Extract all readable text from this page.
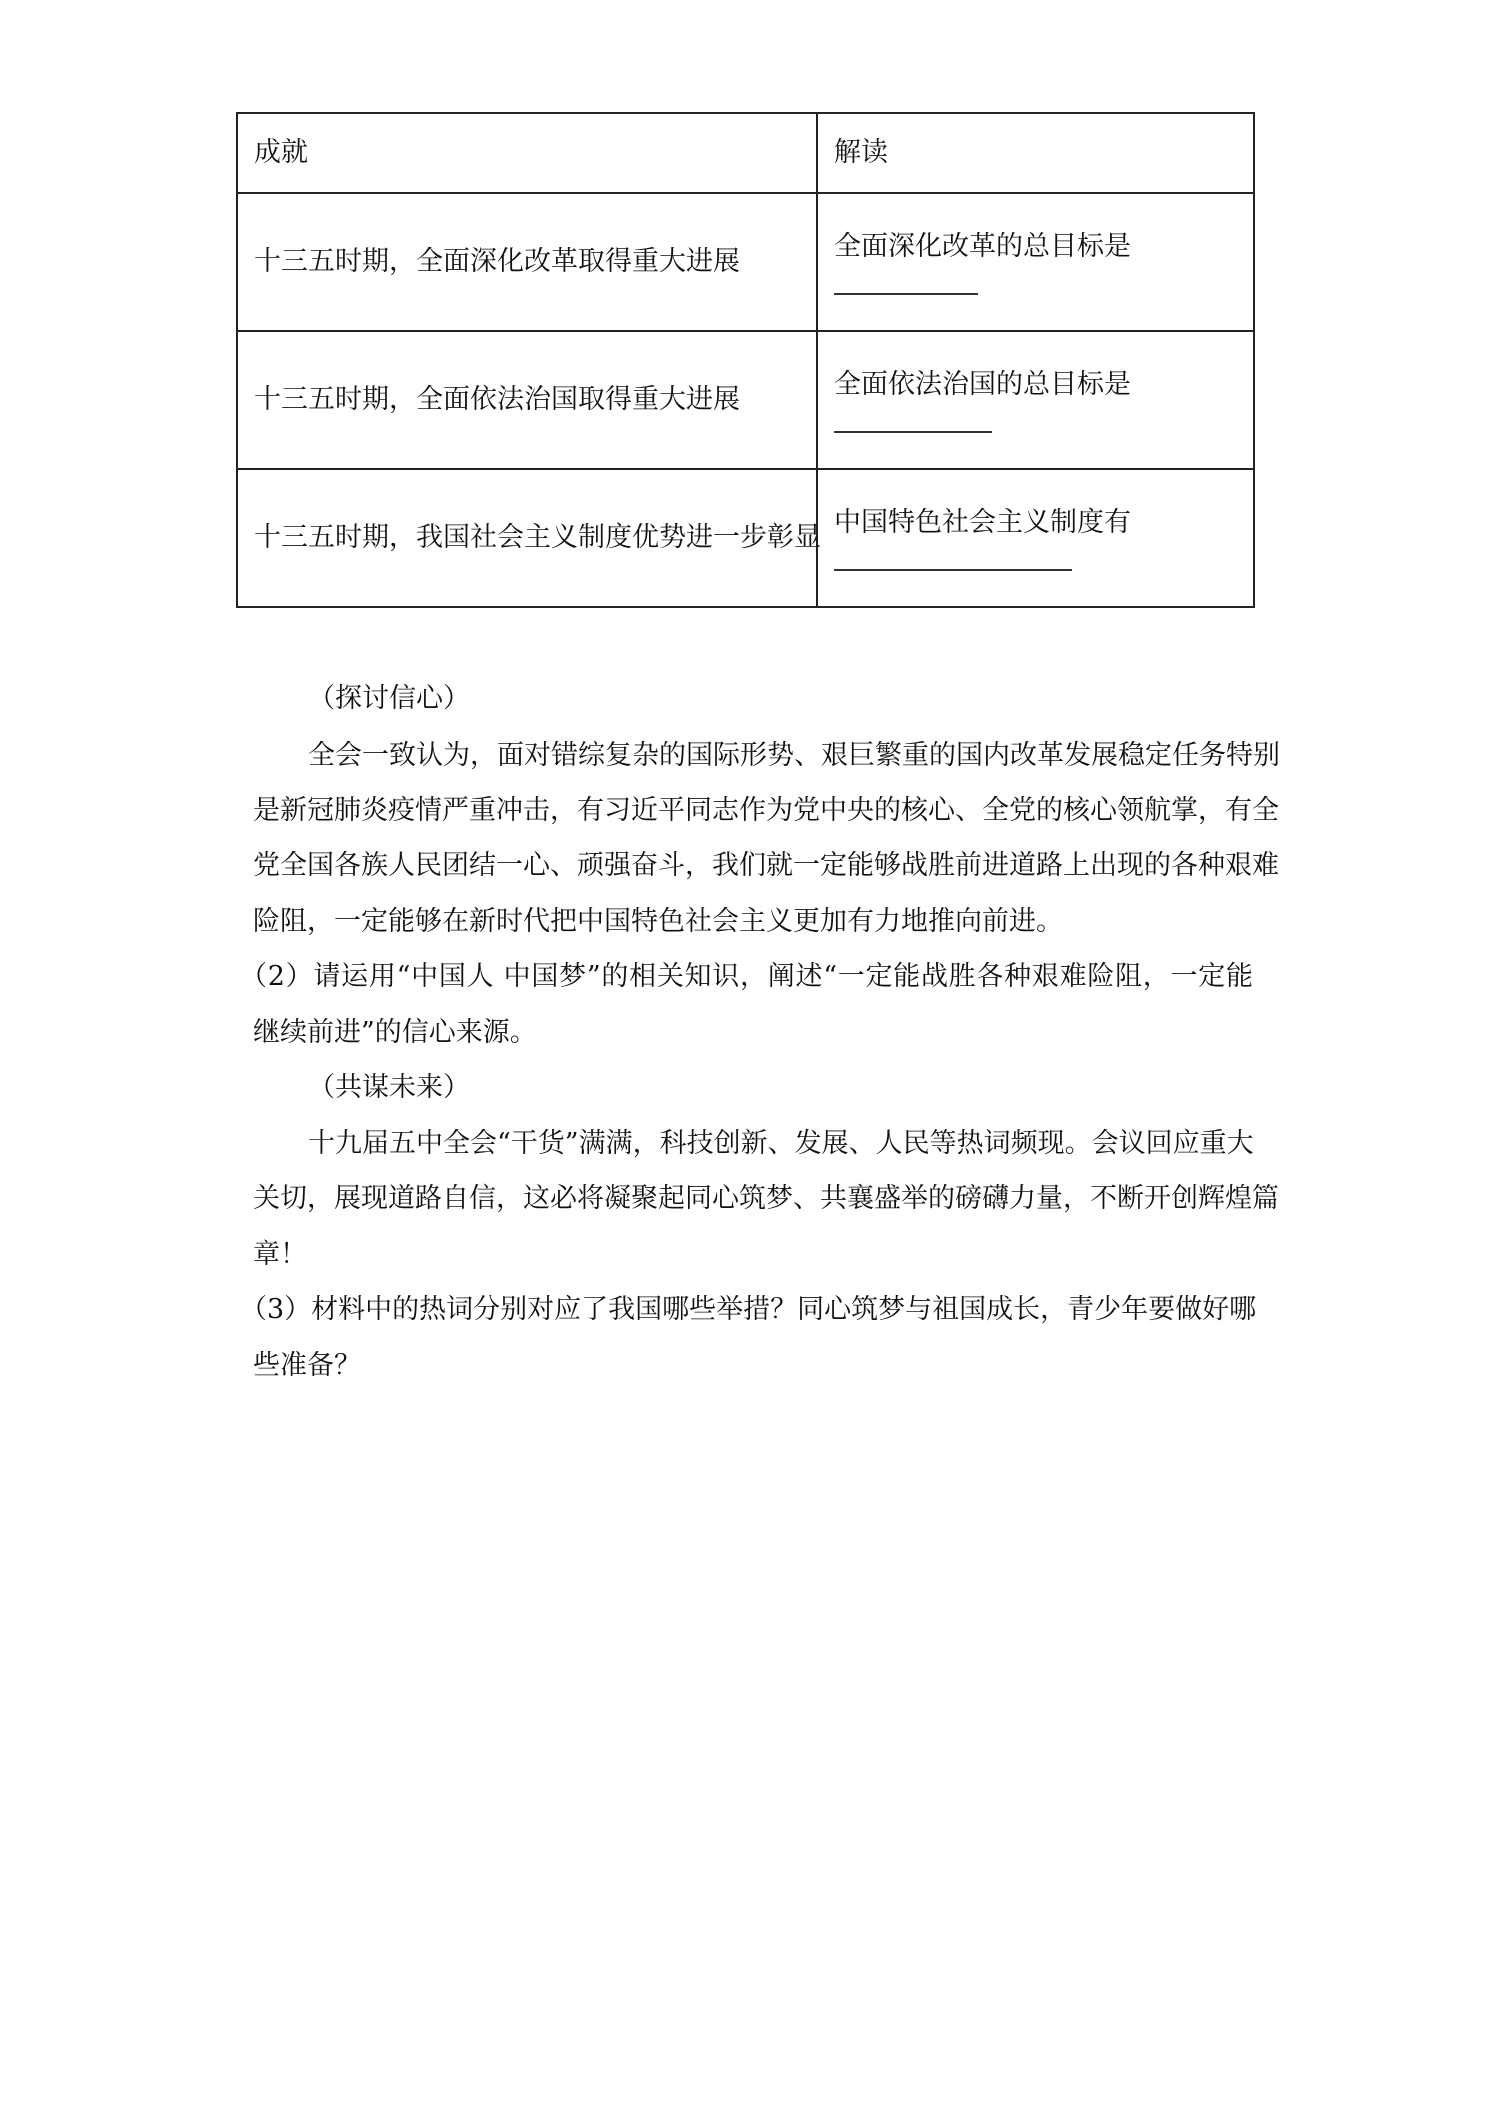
成就	解读
十三五时期，全面深化改革取得重大进展	全面深化改革的总目标是

十三五时期，全面依法治国取得重大进展	全面依法治国的总目标是

十三五时期，我国社会主义制度优势进一步彰显	中国特色社会主义制度有
（探讨信心）
全会一致认为，面对错综复杂的国际形势、艰巨繁重的国内改革发展稳定任务特别
是新冠肺炎疫情严重冲击，有习近平同志作为党中央的核心、全党的核心领航掌，有全
党全国各族人民团结一心、顽强奋斗，我们就一定能够战胜前进道路上出现的各种艰难
险阻，一定能够在新时代把中国特色社会主义更加有力地推向前进。
（2）请运用“中国人 中国梦”的相关知识，阐述“一定能战胜各种艰难险阻，一定能
继续前进”的信心来源。
（共谋未来）
十九届五中全会“干货”满满，科技创新、发展、人民等热词频现。会议回应重大
关切，展现道路自信，这必将凝聚起同心筑梦、共襄盛举的磅礴力量，不断开创辉煌篇
章！
（3）材料中的热词分别对应了我国哪些举措？同心筑梦与祖国成长，青少年要做好哪
些准备？
